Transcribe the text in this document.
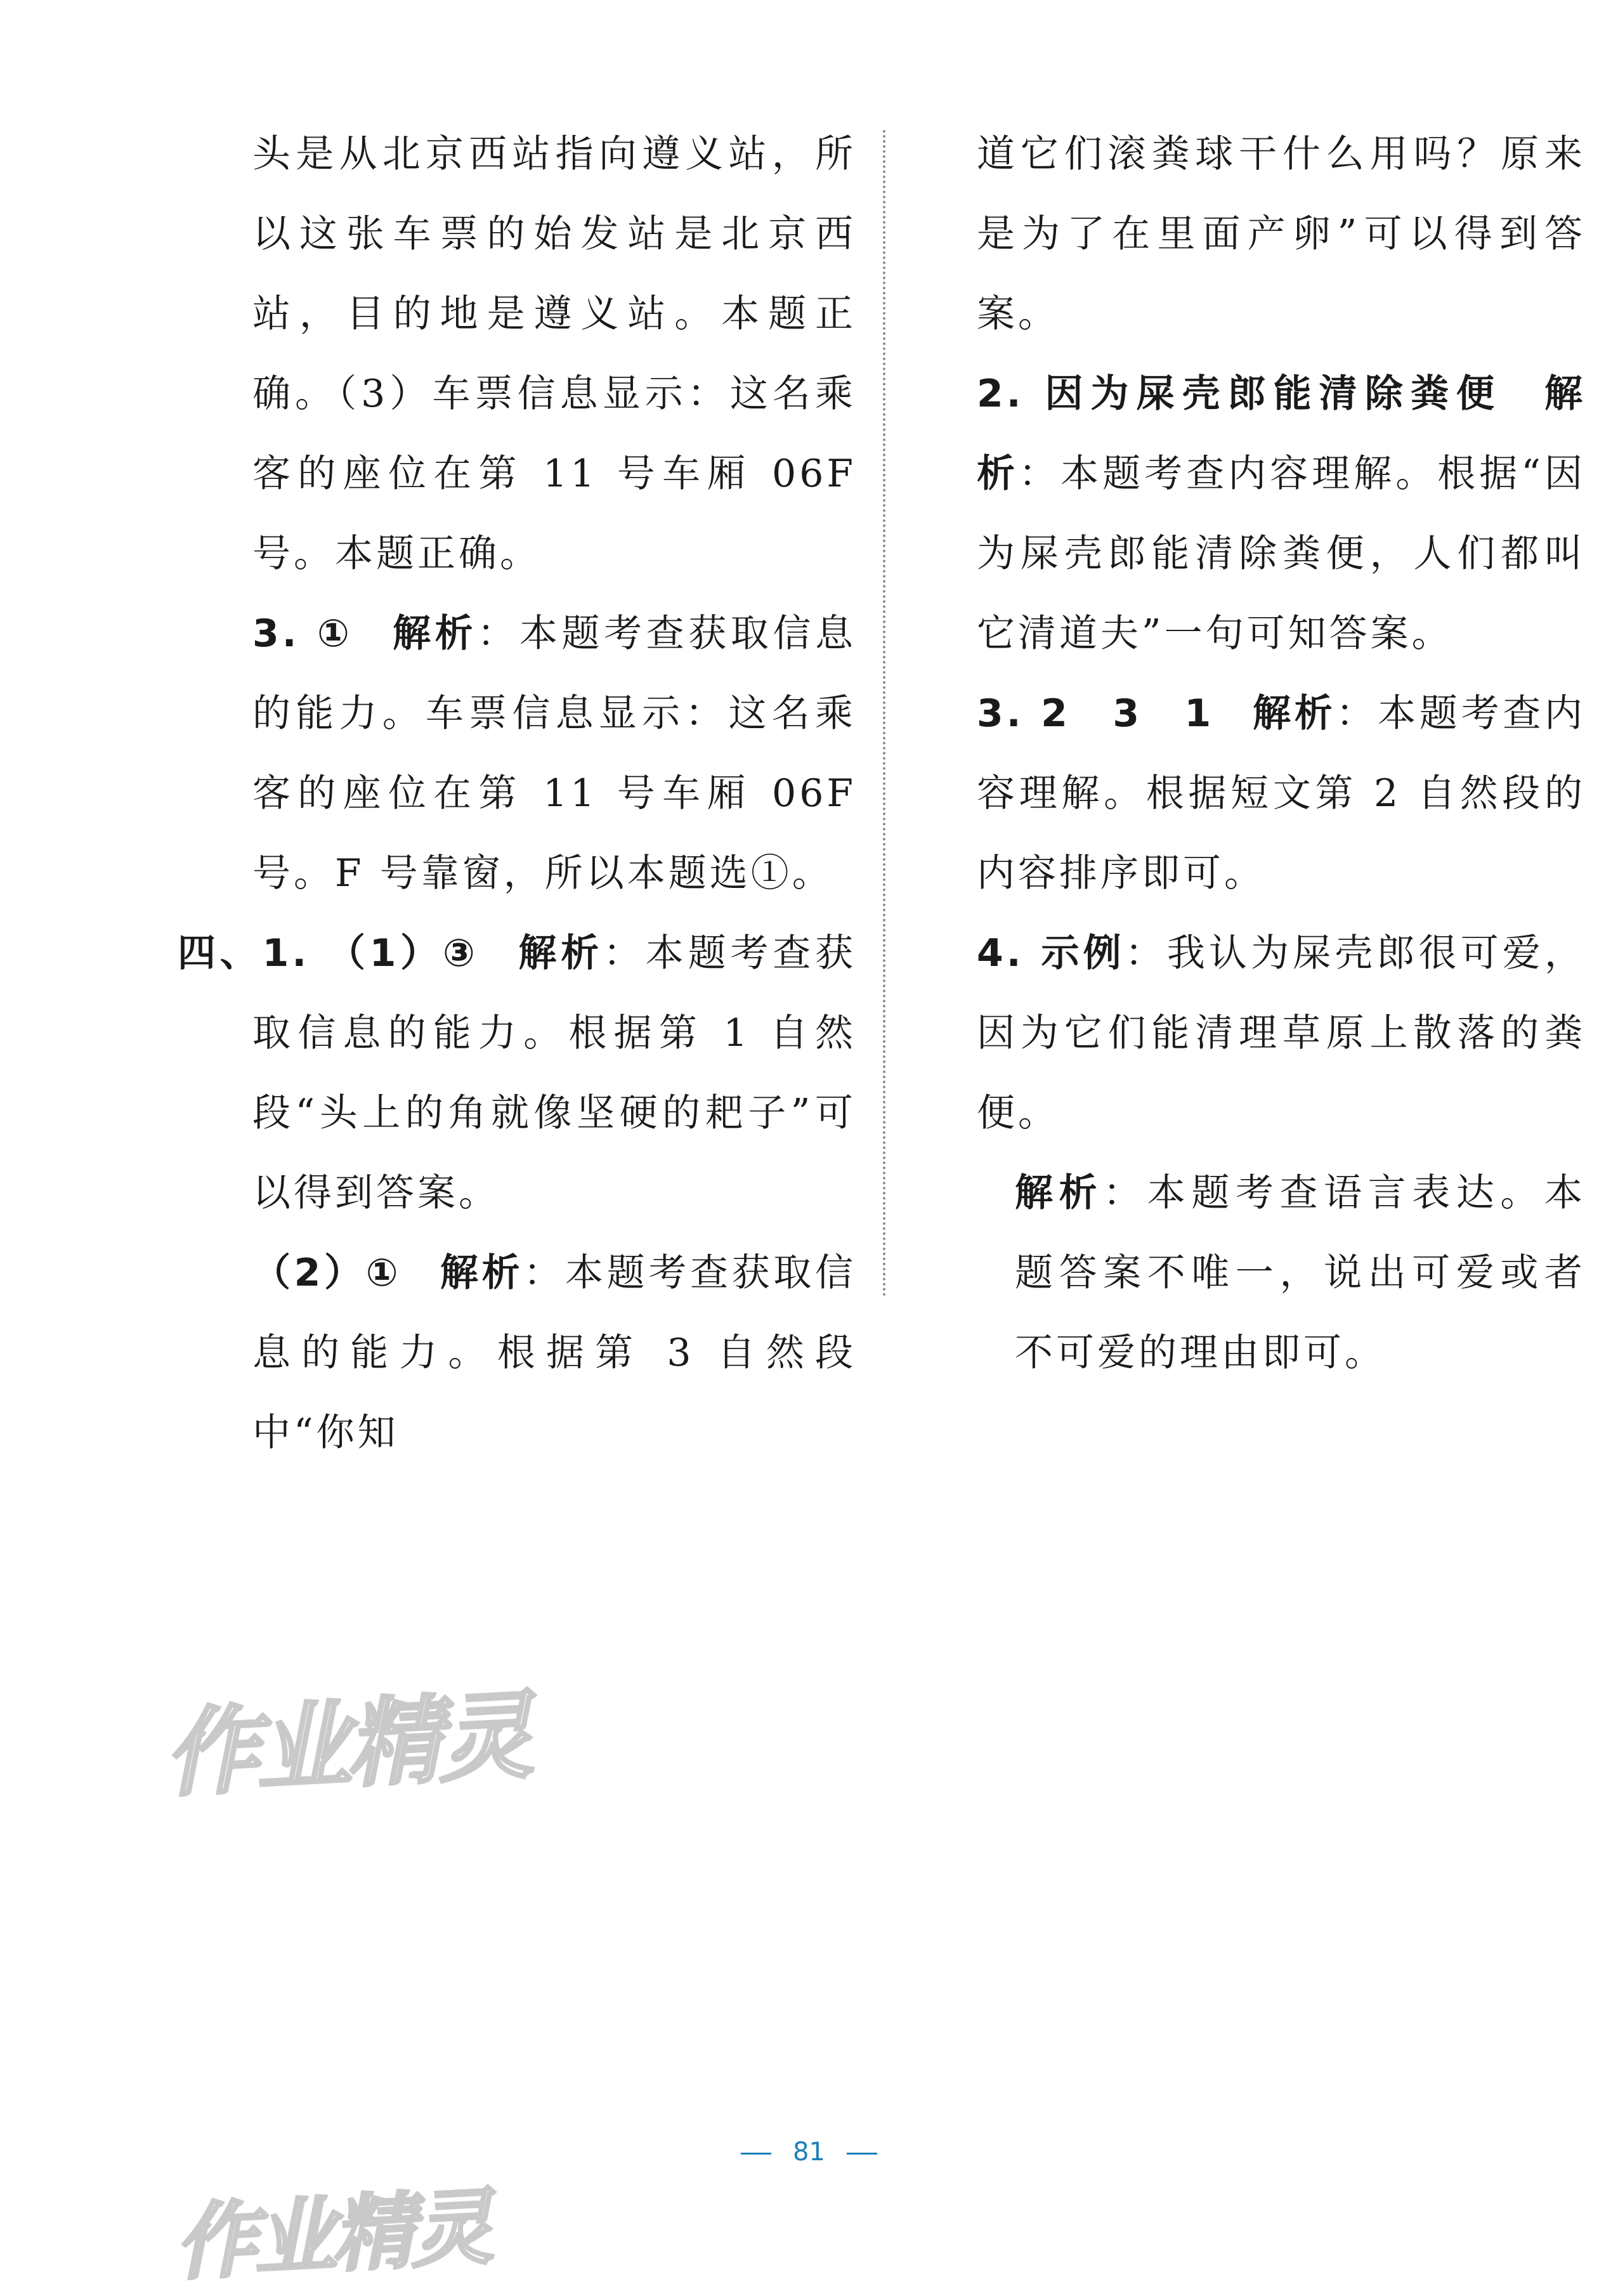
头是从北京西站指向遵义站，所以这张车票的始发站是北京西站，目的地是遵义站。本题正确。（3）车票信息显示：这名乘客的座位在第 11 号车厢 06F 号。本题正确。

3. ① 解析：本题考查获取信息的能力。车票信息显示：这名乘客的座位在第 11 号车厢 06F 号。F 号靠窗，所以本题选①。

四、1. （1）③ 解析：本题考查获取信息的能力。根据第 1 自然段“头上的角就像坚硬的耙子”可以得到答案。

（2）① 解析：本题考查获取信息的能力。根据第 3 自然段中“你知

道它们滚粪球干什么用吗？原来是为了在里面产卵”可以得到答案。

2. 因为屎壳郎能清除粪便 解析：本题考查内容理解。根据“因为屎壳郎能清除粪便，人们都叫它清道夫”一句可知答案。

3. 2　3　1 解析：本题考查内容理解。根据短文第 2 自然段的内容排序即可。

4. 示例：我认为屎壳郎很可爱，因为它们能清理草原上散落的粪便。

解析：本题考查语言表达。本题答案不唯一，说出可爱或者不可爱的理由即可。

作业精灵
作业精灵
81
